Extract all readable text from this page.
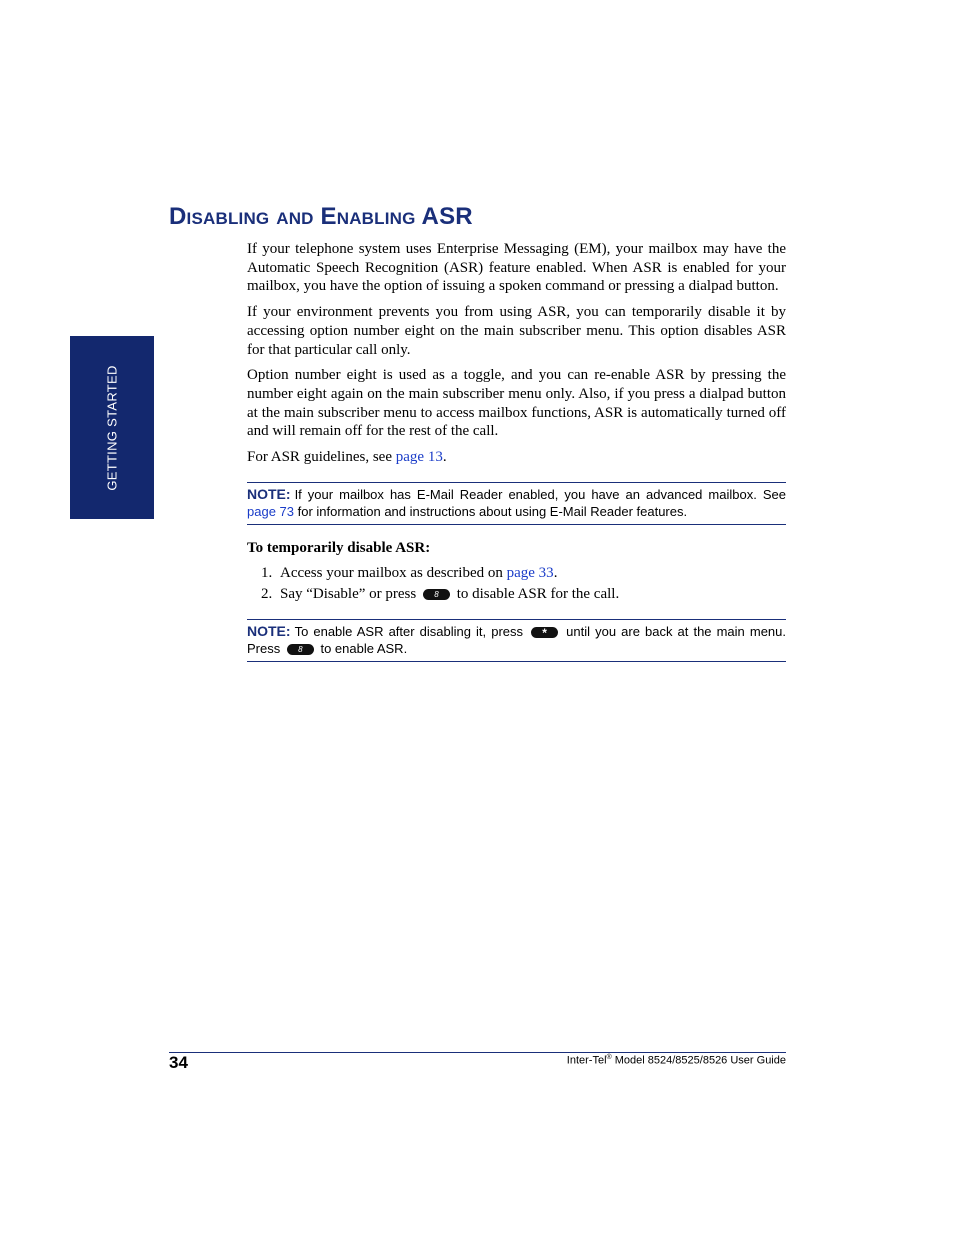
GETTING STARTED
Disabling and Enabling ASR

If your telephone system uses Enterprise Messaging (EM), your mailbox may have the Automatic Speech Recognition (ASR) feature enabled. When ASR is enabled for your mailbox, you have the option of issuing a spoken command or pressing a dialpad button.

If your environment prevents you from using ASR, you can temporarily disable it by accessing option number eight on the main subscriber menu. This option disables ASR for that particular call only.

Option number eight is used as a toggle, and you can re-enable ASR by pressing the number eight again on the main subscriber menu only. Also, if you press a dialpad button at the main subscriber menu to access mailbox functions, ASR is automatically turned off and will remain off for the rest of the call.

For ASR guidelines, see page 13.

NOTE: If your mailbox has E-Mail Reader enabled, you have an advanced mailbox. See page 73 for information and instructions about using E-Mail Reader features.

To temporarily disable ASR:

1. Access your mailbox as described on page 33.
2. Say “Disable” or press 8 to disable ASR for the call.
NOTE: To enable ASR after disabling it, press * until you are back at the main menu. Press 8 to enable ASR.
34	Inter-Tel® Model 8524/8525/8526 User Guide
